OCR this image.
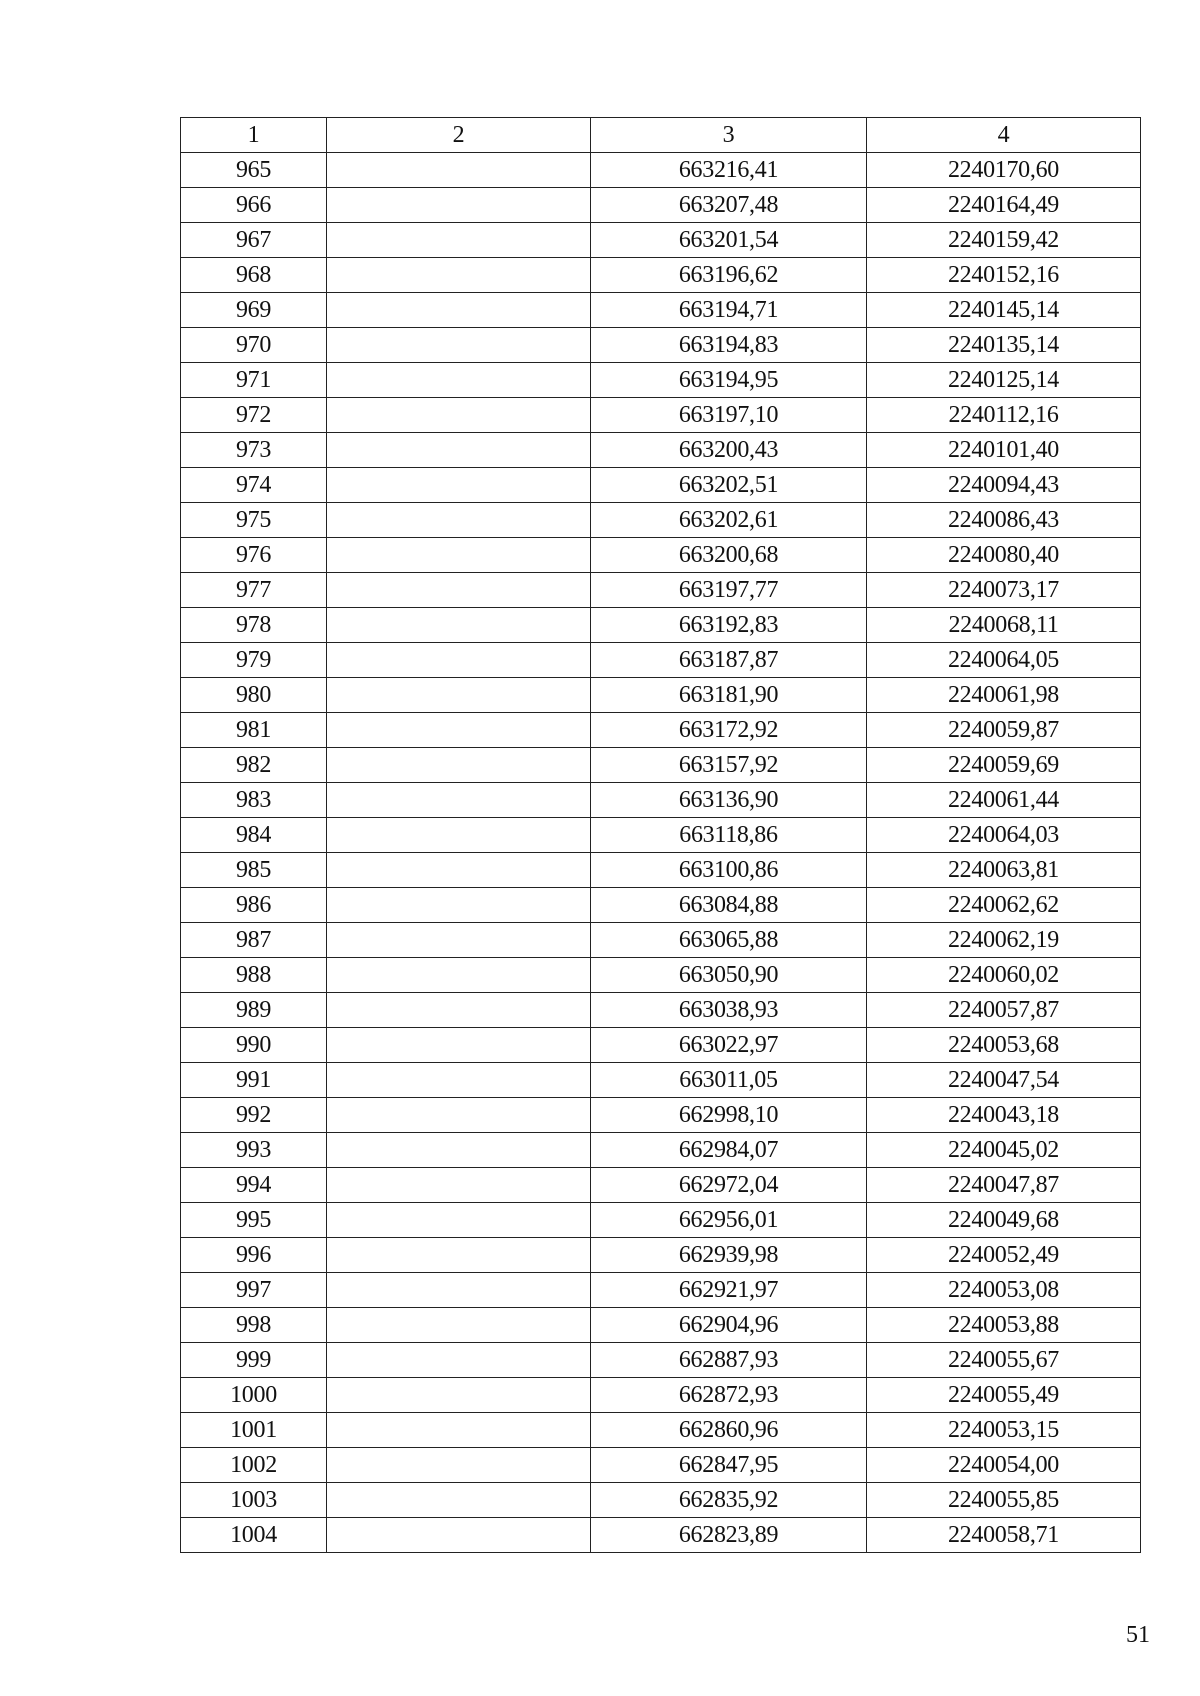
1	2	3	4
965		663216,41	2240170,60
966		663207,48	2240164,49
967		663201,54	2240159,42
968		663196,62	2240152,16
969		663194,71	2240145,14
970		663194,83	2240135,14
971		663194,95	2240125,14
972		663197,10	2240112,16
973		663200,43	2240101,40
974		663202,51	2240094,43
975		663202,61	2240086,43
976		663200,68	2240080,40
977		663197,77	2240073,17
978		663192,83	2240068,11
979		663187,87	2240064,05
980		663181,90	2240061,98
981		663172,92	2240059,87
982		663157,92	2240059,69
983		663136,90	2240061,44
984		663118,86	2240064,03
985		663100,86	2240063,81
986		663084,88	2240062,62
987		663065,88	2240062,19
988		663050,90	2240060,02
989		663038,93	2240057,87
990		663022,97	2240053,68
991		663011,05	2240047,54
992		662998,10	2240043,18
993		662984,07	2240045,02
994		662972,04	2240047,87
995		662956,01	2240049,68
996		662939,98	2240052,49
997		662921,97	2240053,08
998		662904,96	2240053,88
999		662887,93	2240055,67
1000		662872,93	2240055,49
1001		662860,96	2240053,15
1002		662847,95	2240054,00
1003		662835,92	2240055,85
1004		662823,89	2240058,71
51
